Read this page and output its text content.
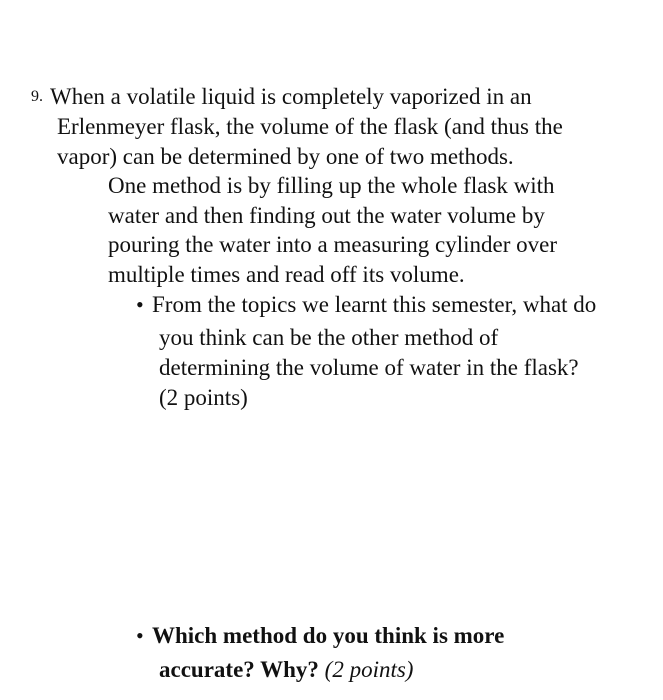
9. When a volatile liquid is completely vaporized in an
Erlenmeyer flask, the volume of the flask (and thus the
vapor) can be determined by one of two methods.
One method is by filling up the whole flask with
water and then finding out the water volume by
pouring the water into a measuring cylinder over
multiple times and read off its volume.
• From the topics we learnt this semester, what do
you think can be the other method of
determining the volume of water in the flask?
(2 points)
• Which method do you think is more
accurate? Why? (2 points)
